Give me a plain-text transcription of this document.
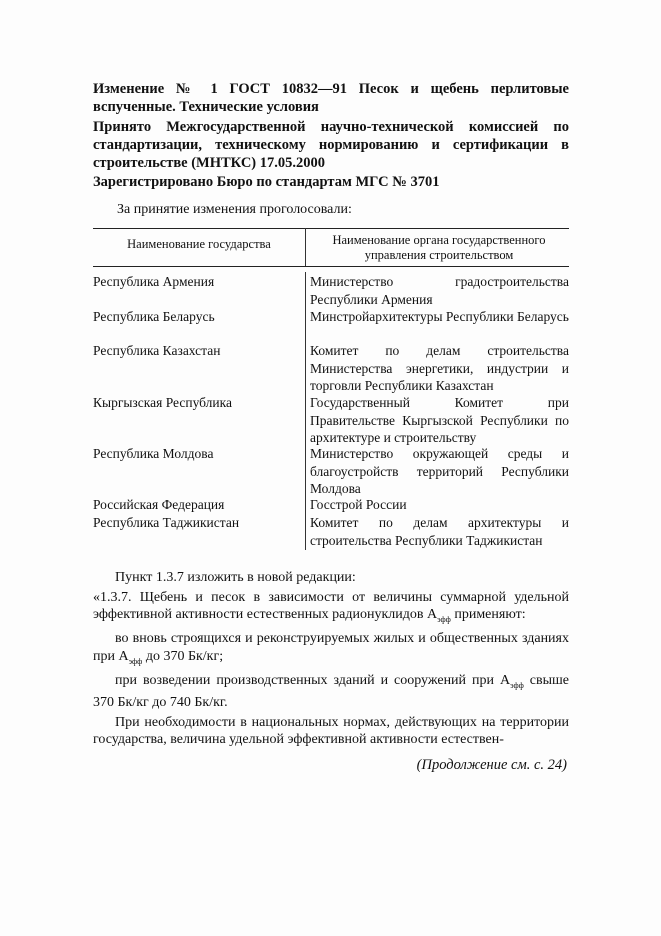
Изменение № 1 ГОСТ 10832—91 Песок и щебень перлитовые вспученные. Технические условия

Принято Межгосударственной научно-технической комиссией по стандартизации, техническому нормированию и сертификации в строительстве (МНТКС) 17.05.2000

Зарегистрировано Бюро по стандартам МГС № 3701

За принятие изменения проголосовали:
Наименование государства	Наименование органа государственного управления строительством
Республика Армения	Министерство градостроительства Республики Армения
Республика Беларусь	Минстройархитектуры Республики Беларусь
Республика Казахстан	Комитет по делам строительства Министерства энергетики, индустрии и торговли Республики Казахстан
Кыргызская Республика	Государственный Комитет при Правительстве Кыргызской Республики по архитектуре и строительству
Республика Молдова	Министерство окружающей среды и благоустройств территорий Республики Молдова
Российская Федерация	Госстрой России
Республика Таджикистан	Комитет по делам архитектуры и строительства Республики Таджикистан

Пункт 1.3.7 изложить в новой редакции:

«1.3.7. Щебень и песок в зависимости от величины суммарной удельной эффективной активности естественных радионуклидов $A_{эфф}$ применяют:

во вновь строящихся и реконструируемых жилых и общественных зданиях при $A_{эфф}$ до 370 Бк/кг;

при возведении производственных зданий и сооружений при $A_{эфф}$ свыше 370 Бк/кг до 740 Бк/кг.

При необходимости в национальных нормах, действующих на территории государства, величина удельной эффективной активности естествен-

(Продолжение см. с. 24)
